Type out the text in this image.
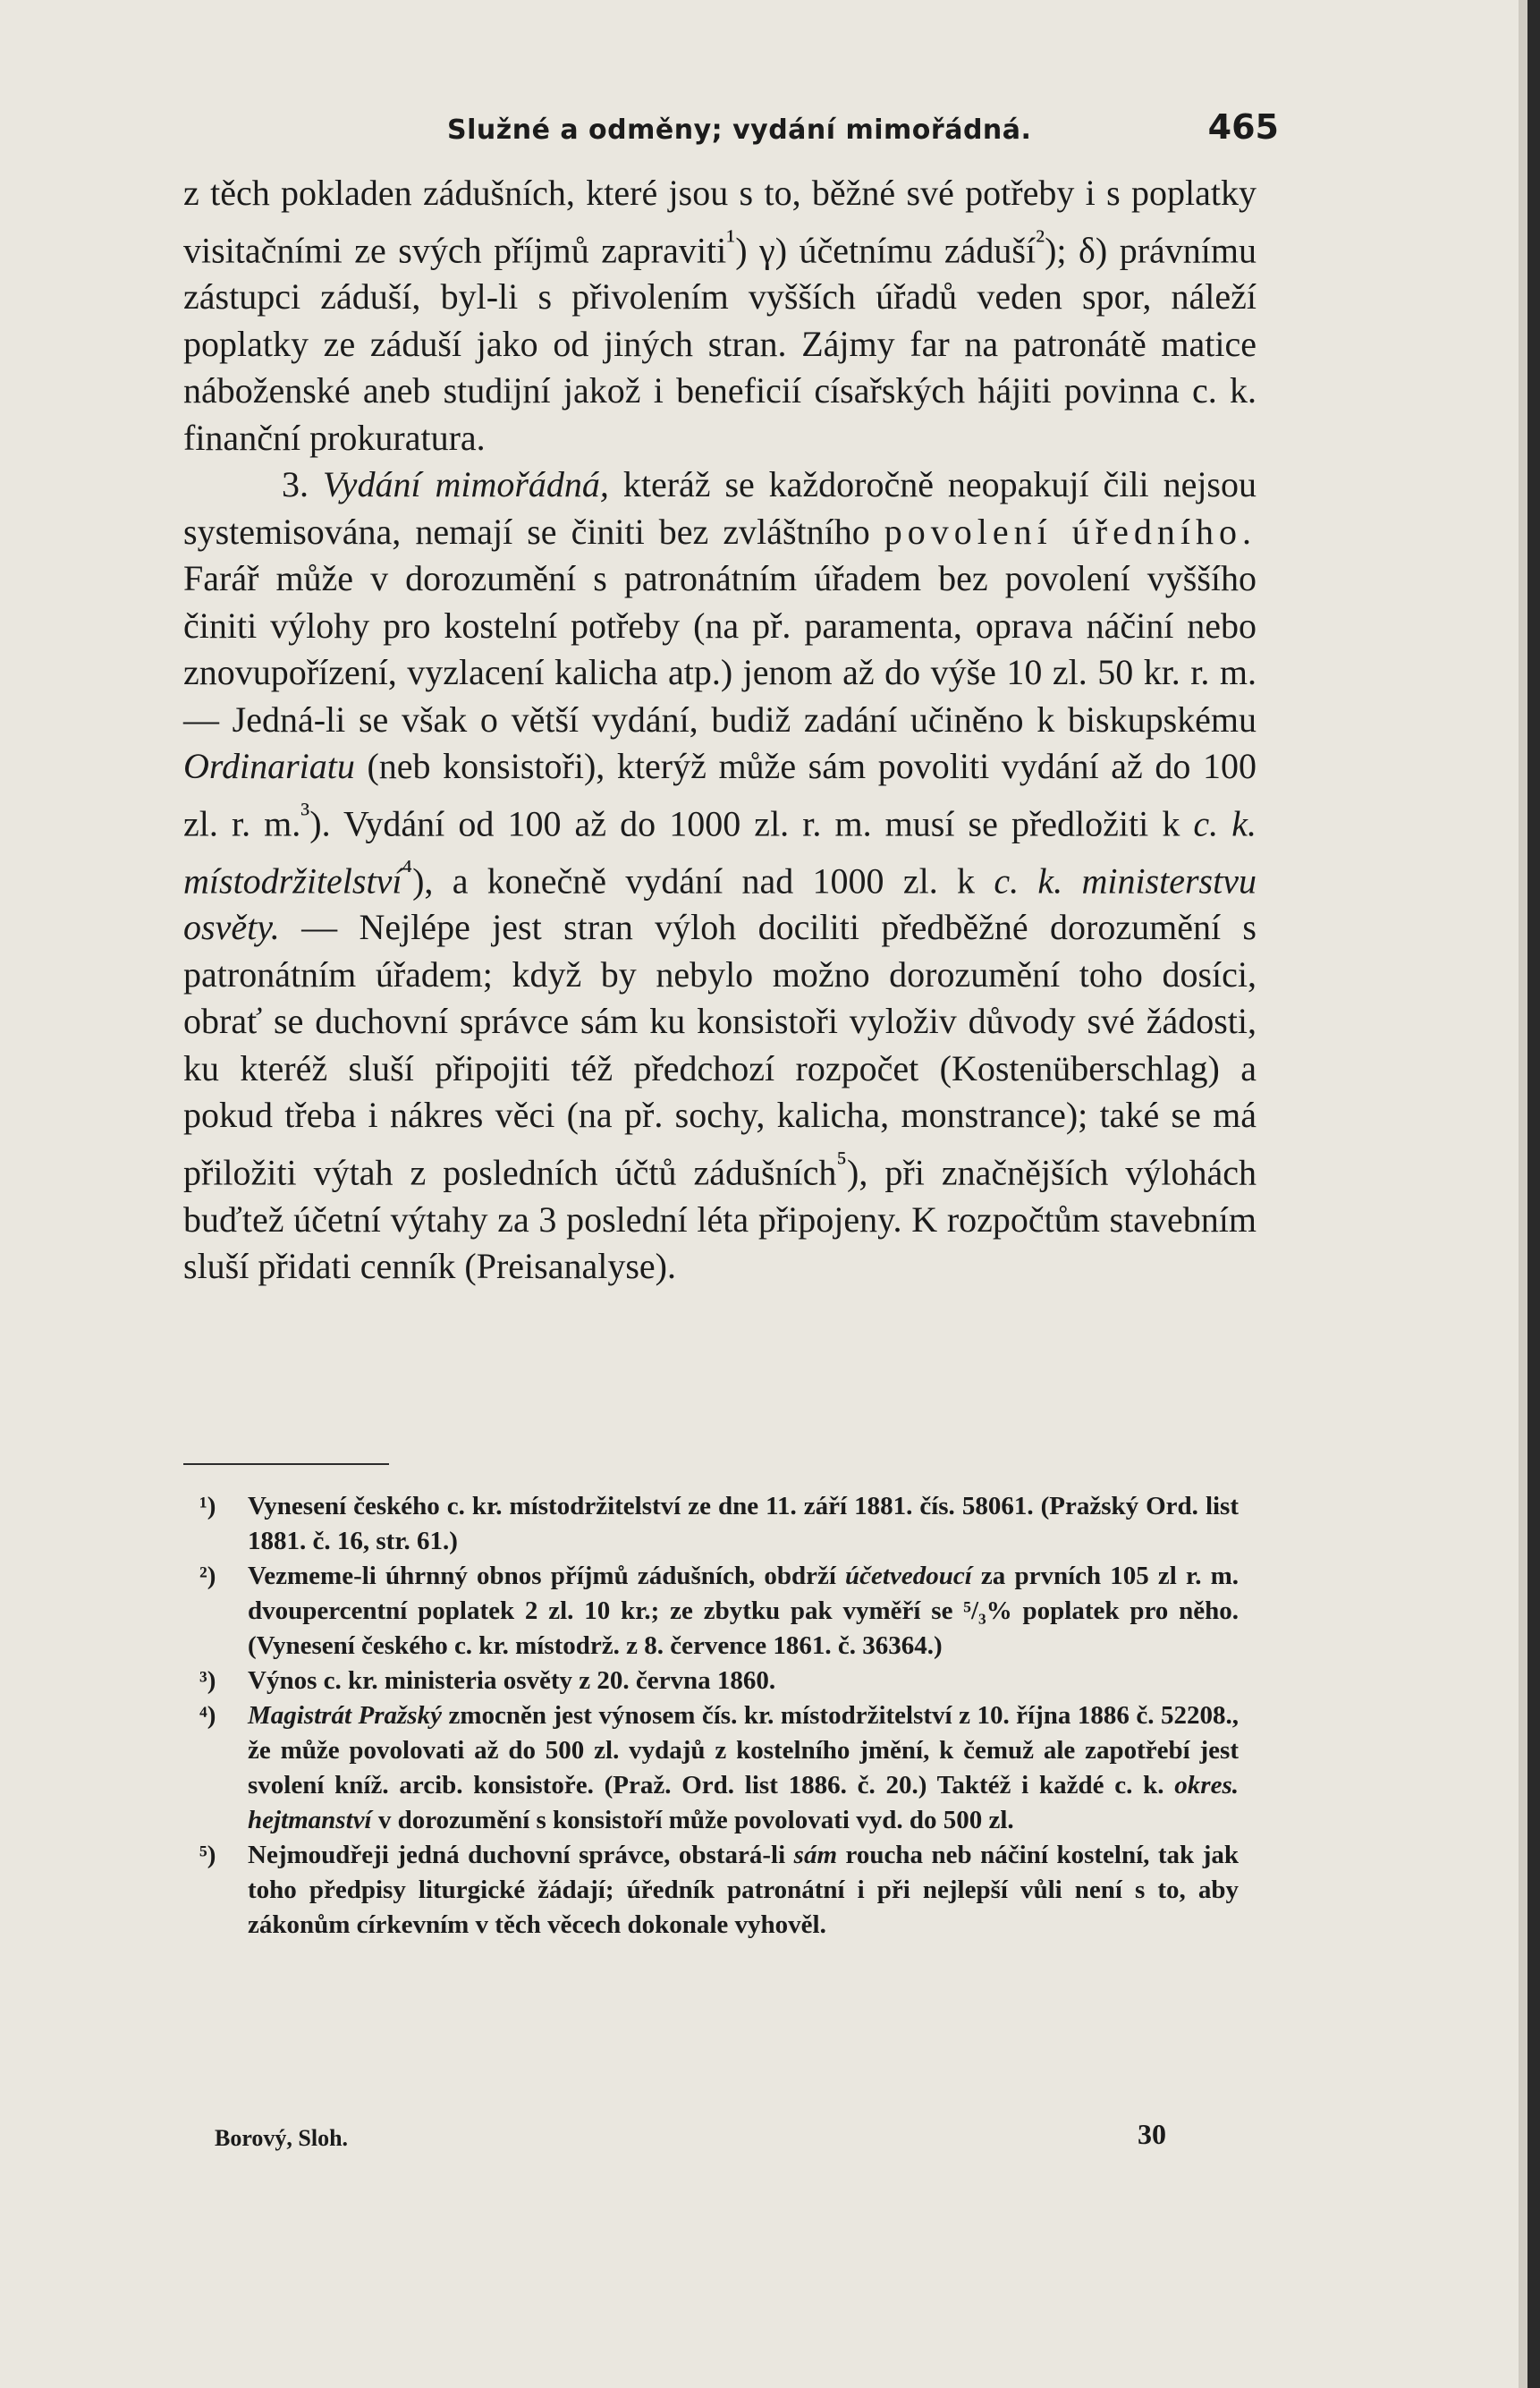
Služné a odměny; vydání mimořádná.	465

z těch pokladen zádušních, které jsou s to, běžné své potřeby i s poplatky visitačními ze svých příjmů zapraviti$^{^1}$) γ) účetnímu záduší$^{^2}$); δ) právnímu zástupci záduší, byl-li s přivolením vyšších úřadů veden spor, náleží poplatky ze záduší jako od jiných stran. Zájmy far na patronátě matice náboženské aneb studijní jakož i beneficií císařských hájiti povinna c. k. finanční prokuratura.

3. Vydání mimořádná, kteráž se každoročně neopakují čili nejsou systemisována, nemají se činiti bez zvláštního povolení úředního. Farář může v dorozumění s patronátním úřadem bez povolení vyššího činiti výlohy pro kostelní potřeby (na př. paramenta, oprava náčiní nebo znovupořízení, vyzlacení kalicha atp.) jenom až do výše 10 zl. 50 kr. r. m. — Jedná-li se však o větší vydání, budiž zadání učiněno k biskupskému Ordinariatu (neb konsistoři), kterýž může sám povoliti vydání až do 100 zl. r. m.$^{^3}$). Vydání od 100 až do 1000 zl. r. m. musí se předložiti k c. k. místodržitelství$^{^4}$), a konečně vydání nad 1000 zl. k c. k. ministerstvu osvěty. — Nejlépe jest stran výloh dociliti předběžné dorozumění s patronátním úřadem; když by nebylo možno dorozumění toho dosíci, obrať se duchovní správce sám ku konsistoři vyloživ důvody své žádosti, ku kteréž sluší připojiti též předchozí rozpočet (Kostenüberschlag) a pokud třeba i nákres věci (na př. sochy, kalicha, monstrance); také se má přiložiti výtah z posledních účtů zádušních$^{^5}$), při značnějších výlohách buďtež účetní výtahy za 3 poslední léta připojeny. K rozpočtům stavebním sluší přidati cenník (Preisanalyse).

¹) Vynesení českého c. kr. místodržitelství ze dne 11. září 1881. čís. 58061. (Pražský Ord. list 1881. č. 16, str. 61.)

²) Vezmeme-li úhrnný obnos příjmů zádušních, obdrží účetvedoucí za prvních 105 zl r. m. dvoupercentní poplatek 2 zl. 10 kr.; ze zbytku pak vyměří se ⁵/₃% poplatek pro něho. (Vynesení českého c. kr. místodrž. z 8. července 1861. č. 36364.)

³) Výnos c. kr. ministeria osvěty z 20. června 1860.

⁴) Magistrát Pražský zmocněn jest výnosem čís. kr. místodržitelství z 10. října 1886 č. 52208., že může povolovati až do 500 zl. vydajů z kostelního jmění, k čemuž ale zapotřebí jest svolení kníž. arcib. konsistoře. (Praž. Ord. list 1886. č. 20.) Taktéž i každé c. k. okres. hejtmanství v dorozumění s konsistoří může povolovati vyd. do 500 zl.

⁵) Nejmoudřeji jedná duchovní správce, obstará-li sám roucha neb náčiní kostelní, tak jak toho předpisy liturgické žádají; úředník patronátní i při nejlepší vůli není s to, aby zákonům církevním v těch věcech dokonale vyhověl.

Borový, Sloh.	30
